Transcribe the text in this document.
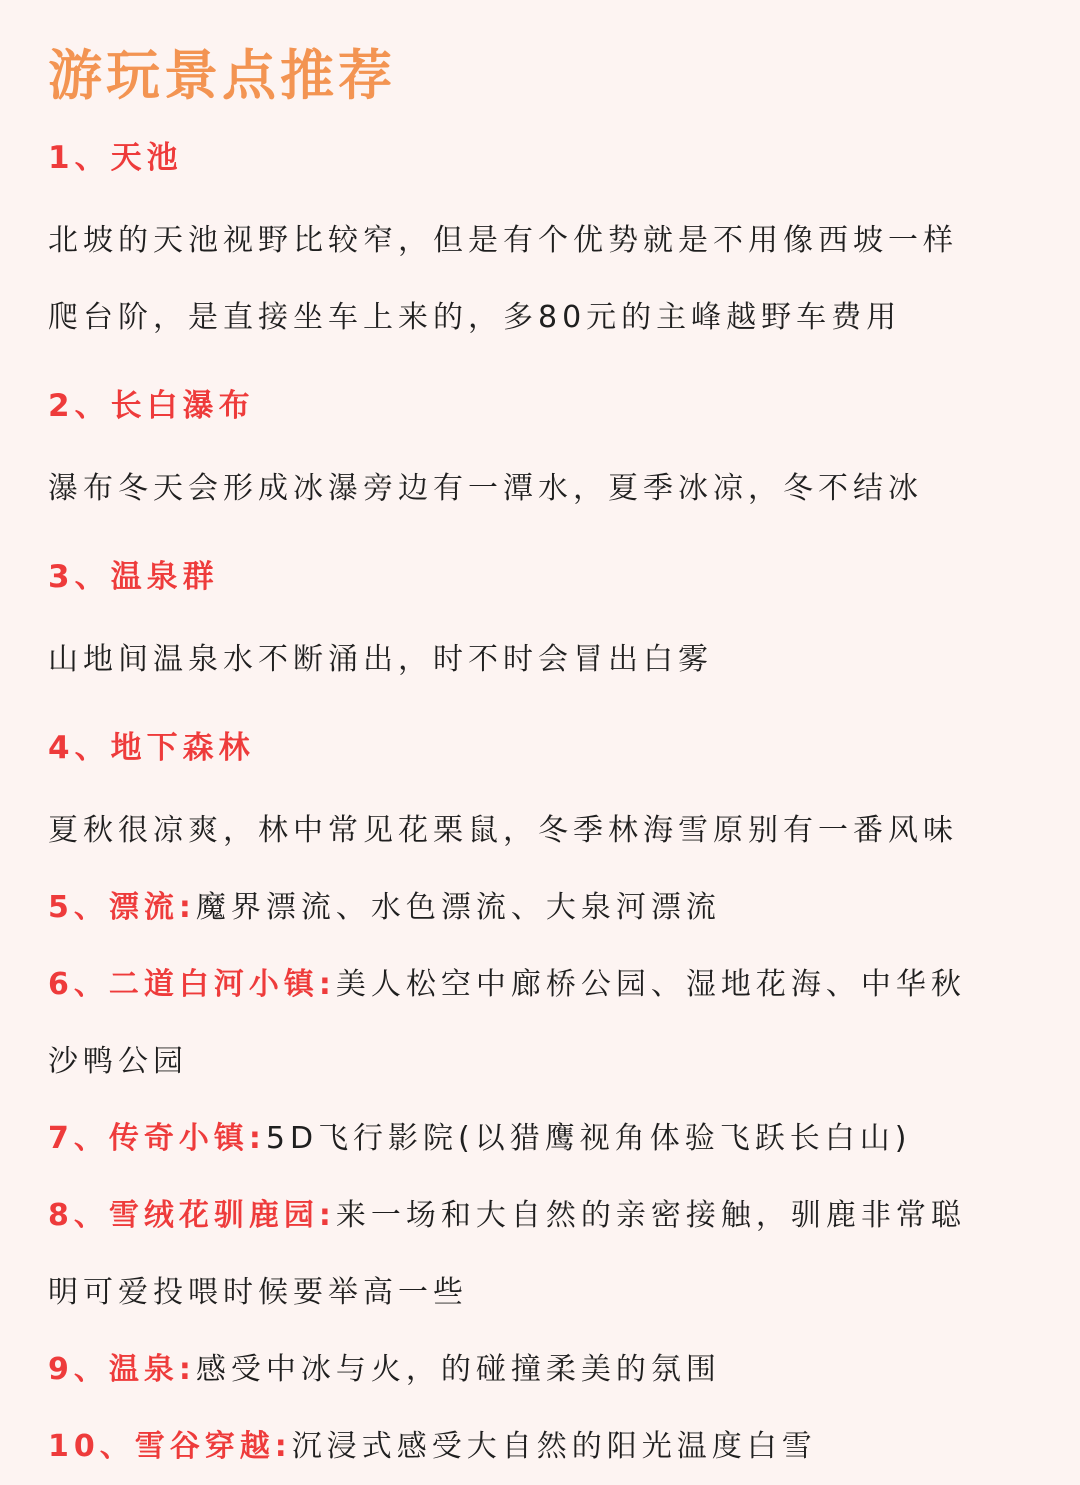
游玩景点推荐
1、天池

北坡的天池视野比较窄，但是有个优势就是不用像西坡一样

爬台阶，是直接坐车上来的，多80元的主峰越野车费用

2、长白瀑布

瀑布冬天会形成冰瀑旁边有一潭水，夏季冰凉，冬不结冰

3、温泉群

山地间温泉水不断涌出，时不时会冒出白雾

4、地下森林

夏秋很凉爽，林中常见花栗鼠，冬季林海雪原别有一番风味

5、漂流:魔界漂流、水色漂流、大泉河漂流

6、二道白河小镇:美人松空中廊桥公园、湿地花海、中华秋

沙鸭公园

7、传奇小镇:5D飞行影院(以猎鹰视角体验飞跃长白山)

8、雪绒花驯鹿园:来一场和大自然的亲密接触，驯鹿非常聪

明可爱投喂时候要举高一些

9、温泉:感受中冰与火，的碰撞柔美的氛围

10、雪谷穿越:沉浸式感受大自然的阳光温度白雪
